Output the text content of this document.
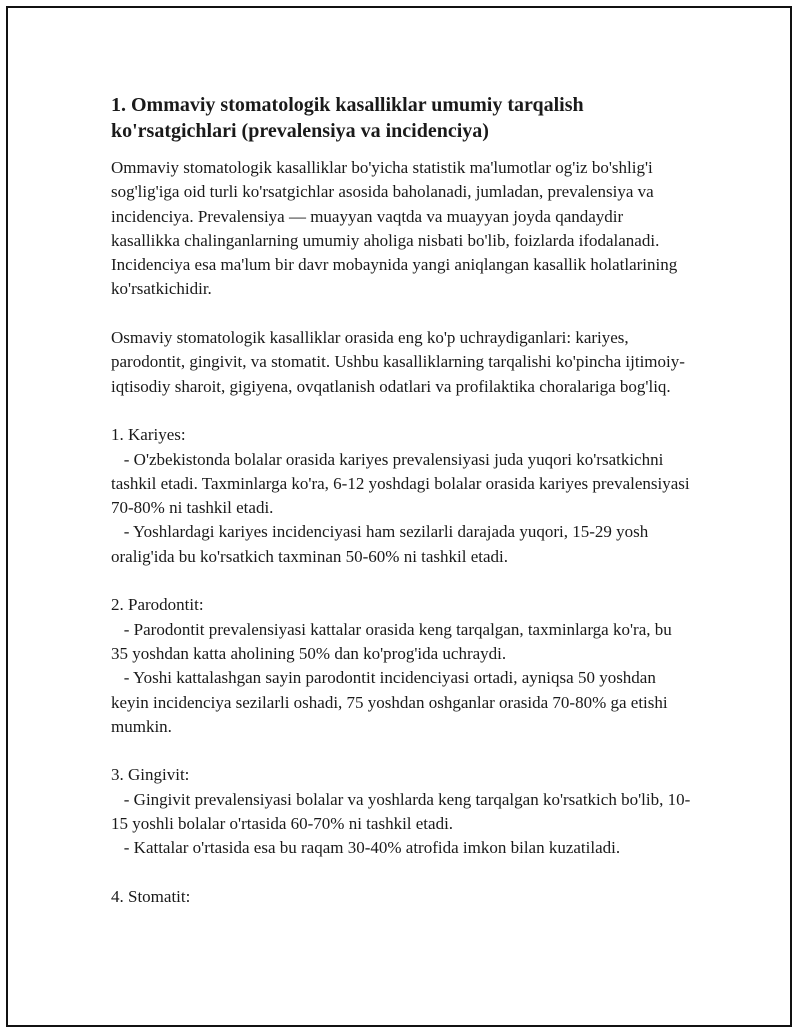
1. Ommaviy stomatologik kasalliklar umumiy tarqalish ko'rsatgichlari (prevalensiya va incidenciya)

Ommaviy stomatologik kasalliklar bo'yicha statistik ma'lumotlar og'iz bo'shlig'i sog'lig'iga oid turli ko'rsatgichlar asosida baholanadi, jumladan, prevalensiya va incidenciya. Prevalensiya — muayyan vaqtda va muayyan joyda qandaydir kasallikka chalinganlarning umumiy aholiga nisbati bo'lib, foizlarda ifodalanadi. Incidenciya esa ma'lum bir davr mobaynida yangi aniqlangan kasallik holatlarining ko'rsatkichidir.

Osmaviy stomatologik kasalliklar orasida eng ko'p uchraydiganlari: kariyes, parodontit, gingivit, va stomatit. Ushbu kasalliklarning tarqalishi ko'pincha ijtimoiy-iqtisodiy sharoit, gigiyena, ovqatlanish odatlari va profilaktika choralariga bog'liq.

1. Kariyes:

- O'zbekistonda bolalar orasida kariyes prevalensiyasi juda yuqori ko'rsatkichni tashkil etadi. Taxminlarga ko'ra, 6-12 yoshdagi bolalar orasida kariyes prevalensiyasi 70-80% ni tashkil etadi.

- Yoshlardagi kariyes incidenciyasi ham sezilarli darajada yuqori, 15-29 yosh oralig'ida bu ko'rsatkich taxminan 50-60% ni tashkil etadi.

2. Parodontit:

- Parodontit prevalensiyasi kattalar orasida keng tarqalgan, taxminlarga ko'ra, bu 35 yoshdan katta aholining 50% dan ko'prog'ida uchraydi.

- Yoshi kattalashgan sayin parodontit incidenciyasi ortadi, ayniqsa 50 yoshdan keyin incidenciya sezilarli oshadi, 75 yoshdan oshganlar orasida 70-80% ga etishi mumkin.

3. Gingivit:

- Gingivit prevalensiyasi bolalar va yoshlarda keng tarqalgan ko'rsatkich bo'lib, 10-15 yoshli bolalar o'rtasida 60-70% ni tashkil etadi.

- Kattalar o'rtasida esa bu raqam 30-40% atrofida imkon bilan kuzatiladi.

4. Stomatit:
